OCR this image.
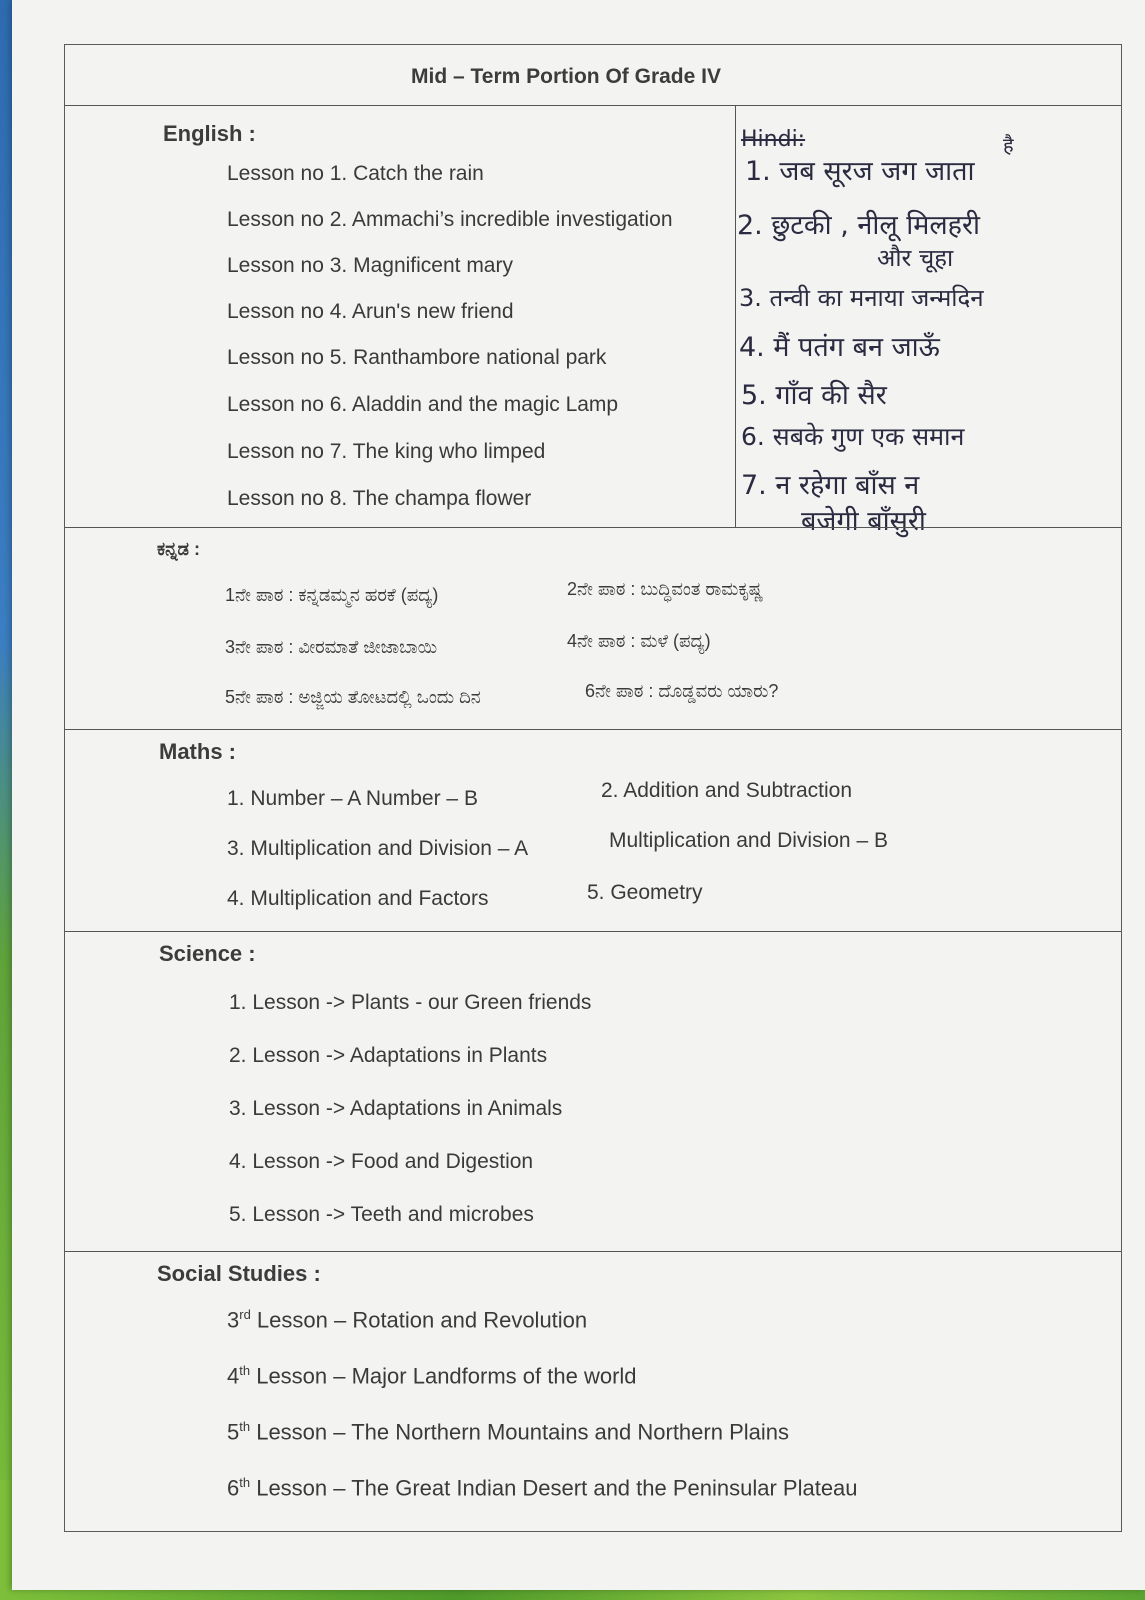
Mid – Term Portion Of Grade IV
English :
Lesson no 1. Catch the rain
Lesson no 2. Ammachi’s incredible investigation
Lesson no 3. Magnificent mary
Lesson no 4. Arun's new friend
Lesson no 5. Ranthambore national park
Lesson no 6. Aladdin and the magic Lamp
Lesson no 7. The king who limped
Lesson no 8. The champa flower
Hindi:
1. जब सूरज जग जाता
है
2. छुटकी , नीलू मिलहरी
और चूहा
3. तन्वी का मनाया जन्मदिन
4. मैं पतंग बन जाऊँ
5. गाँव की सैर
6. सबके गुण एक समान
7. न रहेगा बाँस न
बजेगी बाँसुरी
ಕನ್ನಡ :
1ನೇ ಪಾಠ : ಕನ್ನಡಮ್ಮನ ಹರಕೆ (ಪದ್ಯ)	2ನೇ ಪಾಠ : ಬುದ್ಧಿವಂತ ರಾಮಕೃಷ್ಣ
3ನೇ ಪಾಠ : ವೀರಮಾತೆ ಜೀಜಾಬಾಯಿ	4ನೇ ಪಾಠ : ಮಳೆ (ಪದ್ಯ)
5ನೇ ಪಾಠ : ಅಜ್ಜಿಯ ತೋಟದಲ್ಲಿ ಒಂದು ದಿನ	6ನೇ ಪಾಠ : ದೊಡ್ಡವರು ಯಾರು?
Maths :
1. Number – A Number – B	2. Addition and Subtraction
3. Multiplication and Division – A	Multiplication and Division – B
4. Multiplication and Factors	5. Geometry
Science :
1. Lesson -> Plants - our Green friends
2. Lesson -> Adaptations in Plants
3. Lesson -> Adaptations in Animals
4. Lesson -> Food and Digestion
5. Lesson -> Teeth and microbes
Social Studies :
3rd Lesson – Rotation and Revolution
4th Lesson – Major Landforms of the world
5th Lesson – The Northern Mountains and Northern Plains
6th Lesson – The Great Indian Desert and the Peninsular Plateau
